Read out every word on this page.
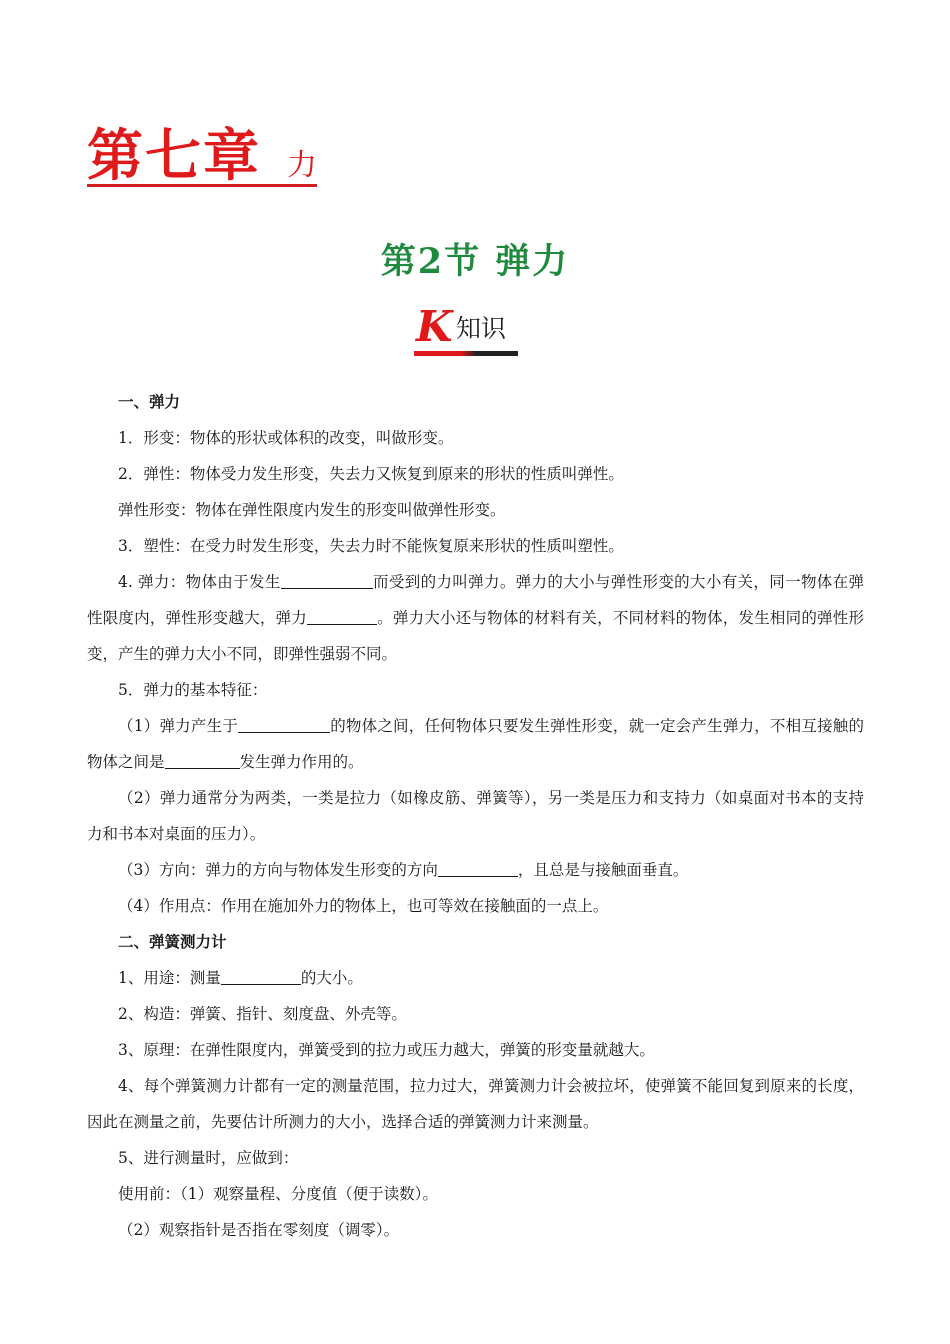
第七章 力
第2节 弹力
K 知识

一、弹力

1．形变：物体的形状或体积的改变，叫做形变。

2．弹性：物体受力发生形变，失去力又恢复到原来的形状的性质叫弹性。

弹性形变：物体在弹性限度内发生的形变叫做弹性形变。

3．塑性：在受力时发生形变，失去力时不能恢复原来形状的性质叫塑性。

4. 弹力：物体由于发生	而受到的力叫弹力。弹力的大小与弹性形变的大小有关，同一物体在弹性限度内，弹性形变越大，弹力	。弹力大小还与物体的材料有关，不同材料的物体，发生相同的弹性形变，产生的弹力大小不同，即弹性强弱不同。

5．弹力的基本特征：

（1）弹力产生于	的物体之间，任何物体只要发生弹性形变，就一定会产生弹力，不相互接触的物体之间是	发生弹力作用的。

（2）弹力通常分为两类，一类是拉力（如橡皮筋、弹簧等），另一类是压力和支持力（如桌面对书本的支持力和书本对桌面的压力）。

（3）方向：弹力的方向与物体发生形变的方向	，且总是与接触面垂直。

（4）作用点：作用在施加外力的物体上，也可等效在接触面的一点上。

二、弹簧测力计

1、用途：测量	的大小。

2、构造：弹簧、指针、刻度盘、外壳等。

3、原理：在弹性限度内，弹簧受到的拉力或压力越大，弹簧的形变量就越大。

4、每个弹簧测力计都有一定的测量范围，拉力过大，弹簧测力计会被拉坏，使弹簧不能回复到原来的长度，因此在测量之前，先要估计所测力的大小，选择合适的弹簧测力计来测量。

5、进行测量时，应做到：

使用前：（1）观察量程、分度值（便于读数）。

（2）观察指针是否指在零刻度（调零）。
